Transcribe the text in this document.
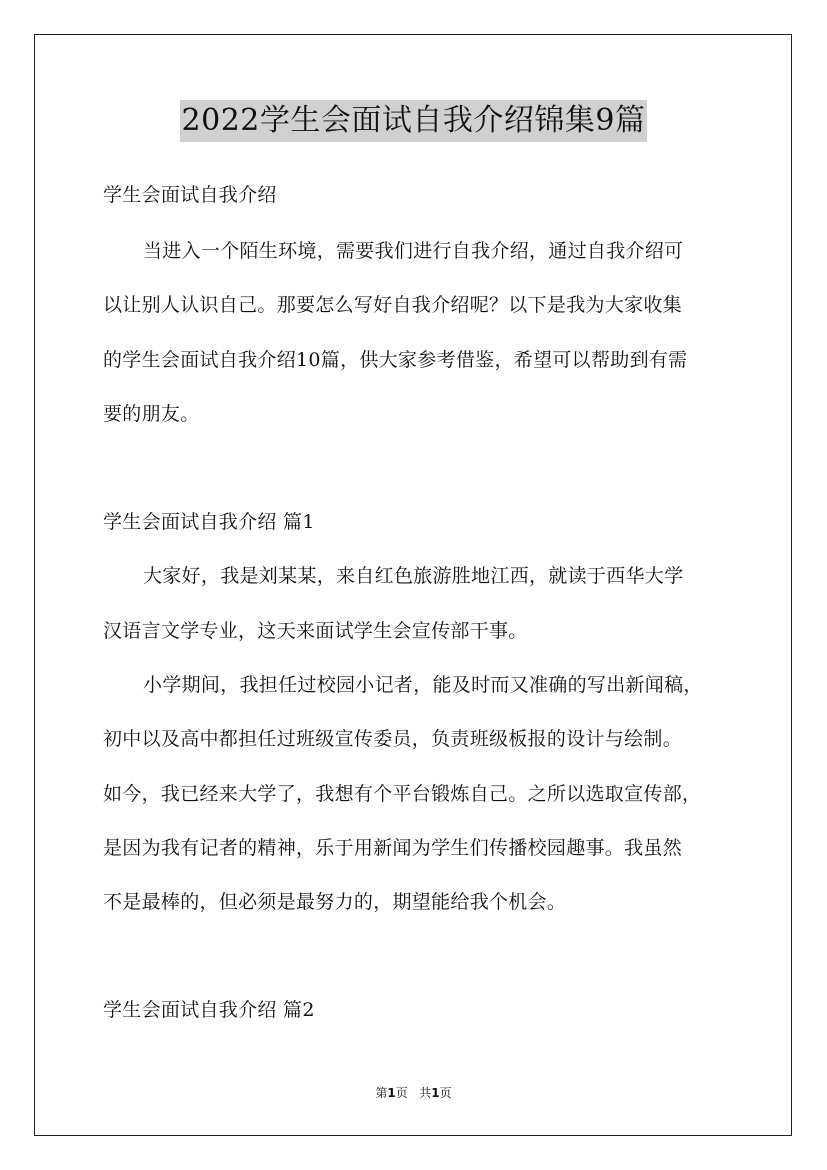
2022学生会面试自我介绍锦集9篇
学生会面试自我介绍
当进入一个陌生环境，需要我们进行自我介绍，通过自我介绍可
以让别人认识自己。那要怎么写好自我介绍呢？以下是我为大家收集
的学生会面试自我介绍10篇，供大家参考借鉴，希望可以帮助到有需
要的朋友。
学生会面试自我介绍 篇1
大家好，我是刘某某，来自红色旅游胜地江西，就读于西华大学
汉语言文学专业，这天来面试学生会宣传部干事。
小学期间，我担任过校园小记者，能及时而又准确的写出新闻稿，
初中以及高中都担任过班级宣传委员，负责班级板报的设计与绘制。
如今，我已经来大学了，我想有个平台锻炼自己。之所以选取宣传部，
是因为我有记者的精神，乐于用新闻为学生们传播校园趣事。我虽然
不是最棒的，但必须是最努力的，期望能给我个机会。
学生会面试自我介绍 篇2
第1页 共1页
